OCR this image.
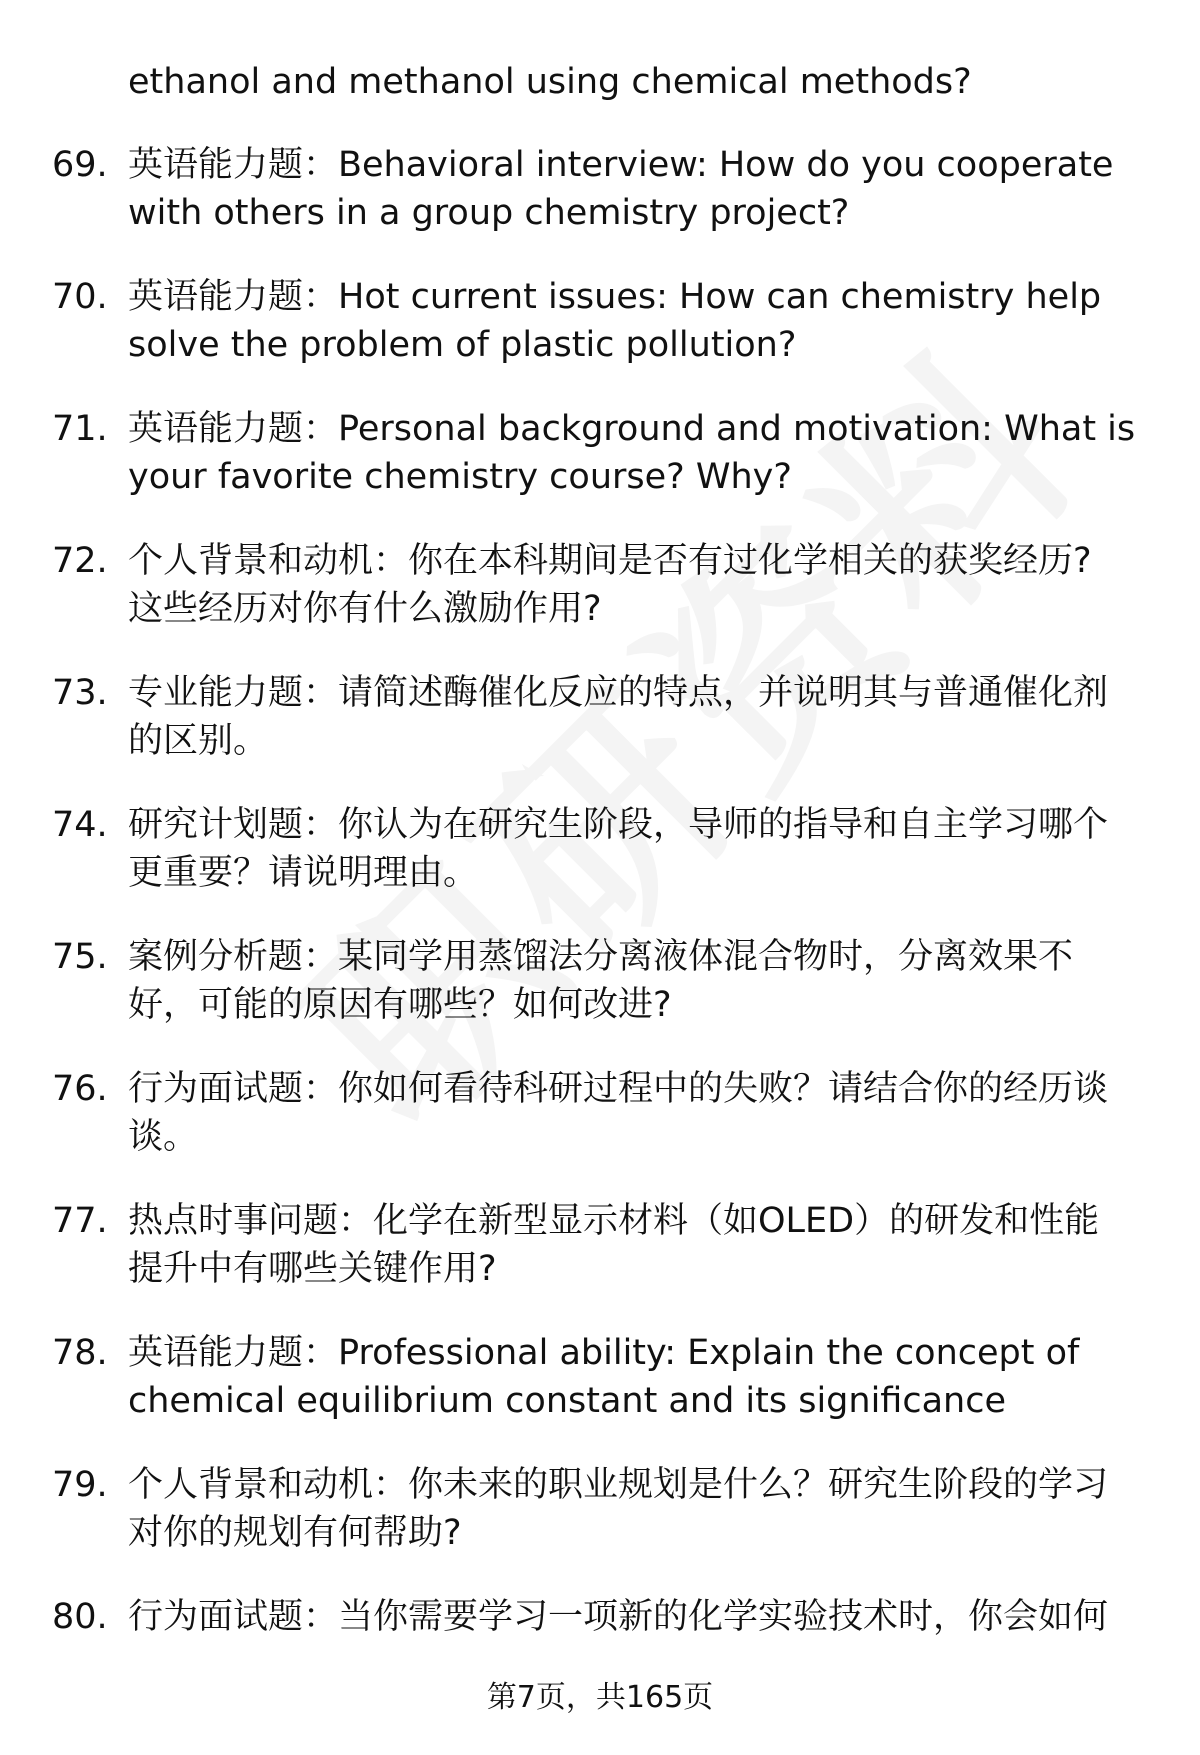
ethanol and methanol using chemical methods?
69. 英语能力题：Behavioral interview: How do you cooperate
with others in a group chemistry project?
70. 英语能力题：Hot current issues: How can chemistry help
solve the problem of plastic pollution?
71. 英语能力题：Personal background and motivation: What is
your favorite chemistry course? Why?
72. 个人背景和动机：你在本科期间是否有过化学相关的获奖经历?
这些经历对你有什么激励作用?
73. 专业能力题：请简述酶催化反应的特点，并说明其与普通催化剂
的区别。
74. 研究计划题：你认为在研究生阶段，导师的指导和自主学习哪个
更重要？请说明理由。
75. 案例分析题：某同学用蒸馏法分离液体混合物时，分离效果不
好，可能的原因有哪些？如何改进?
76. 行为面试题：你如何看待科研过程中的失败？请结合你的经历谈
谈。
77. 热点时事问题：化学在新型显示材料（如OLED）的研发和性能
提升中有哪些关键作用?
78. 英语能力题：Professional ability: Explain the concept of
chemical equilibrium constant and its significance
79. 个人背景和动机：你未来的职业规划是什么？研究生阶段的学习
对你的规划有何帮助?
80. 行为面试题：当你需要学习一项新的化学实验技术时，你会如何
第7页，共165页
